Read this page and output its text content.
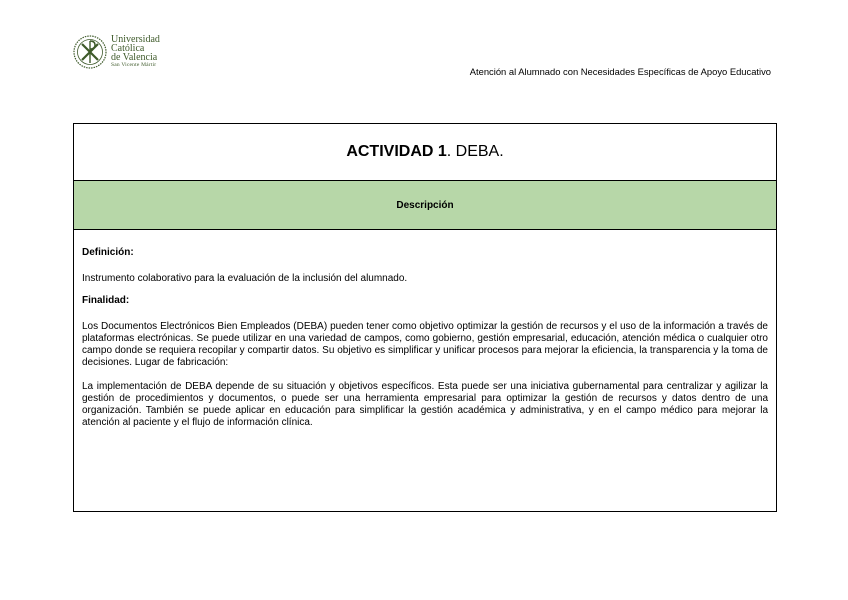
Universidad
Católica
de Valencia
San Vicente Mártir
Atención al Alumnado con Necesidades Específicas de Apoyo Educativo
ACTIVIDAD 1 . DEBA.
Descripción
Definición:

Instrumento colaborativo para la evaluación de la inclusión del alumnado.

Finalidad:

Los Documentos Electrónicos Bien Empleados (DEBA) pueden tener como objetivo optimizar la gestión de recursos y el uso de la información a través de plataformas electrónicas. Se puede utilizar en una variedad de campos, como gobierno, gestión empresarial, educación, atención médica o cualquier otro campo donde se requiera recopilar y compartir datos. Su objetivo es simplificar y unificar procesos para mejorar la eficiencia, la transparencia y la toma de decisiones. Lugar de fabricación:

La implementación de DEBA depende de su situación y objetivos específicos. Esta puede ser una iniciativa gubernamental para centralizar y agilizar la gestión de procedimientos y documentos, o puede ser una herramienta empresarial para optimizar la gestión de recursos y datos dentro de una organización. También se puede aplicar en educación para simplificar la gestión académica y administrativa, y en el campo médico para mejorar la atención al paciente y el flujo de información clínica.
